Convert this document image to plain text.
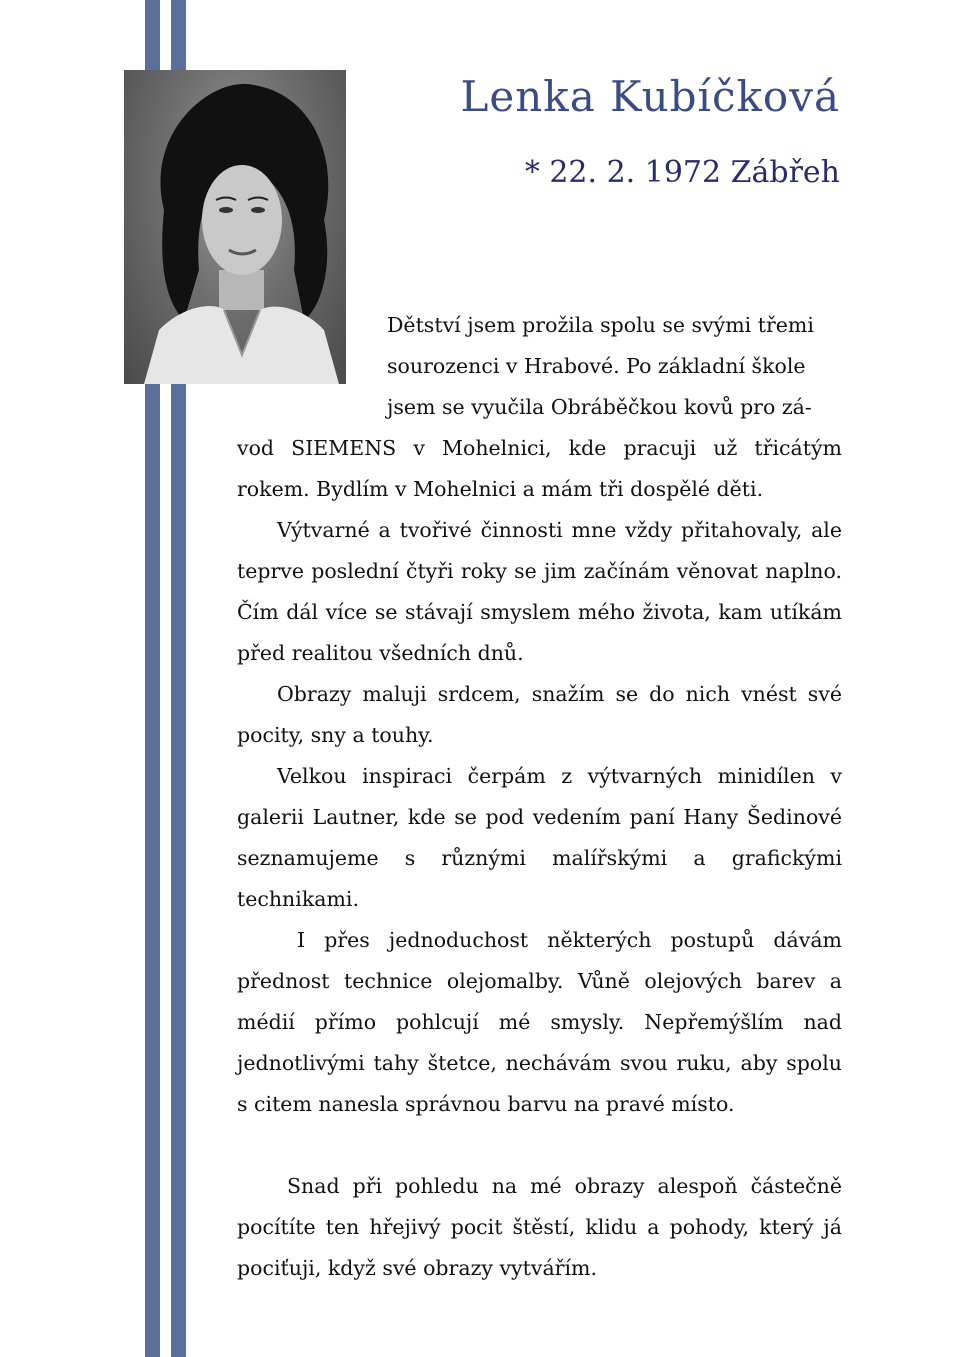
Lenka Kubíčková
* 22. 2. 1972 Zábřeh
Dětství jsem prožila spolu se svými třemi
sourozenci v Hrabové. Po základní škole
jsem se vyučila Obráběčkou kovů pro zá-

vod SIEMENS v Mohelnici, kde pracuji už třicátým rokem. Bydlím v Mohelnici a mám tři dospělé děti.

Výtvarné a tvořivé činnosti mne vždy přitahovaly, ale teprve poslední čtyři roky se jim začínám věnovat naplno. Čím dál více se stávají smyslem mého života, kam utíkám před realitou všedních dnů.

Obrazy maluji srdcem, snažím se do nich vnést své pocity, sny a touhy.

Velkou inspiraci čerpám z výtvarných minidílen v galerii Lautner, kde se pod vedením paní Hany Šedinové seznamujeme s různými malířskými a grafickými technikami.

I přes jednoduchost některých postupů dávám přednost technice olejomalby. Vůně olejových barev a médií přímo pohlcují mé smysly. Nepřemýšlím nad jednotlivými tahy štetce, nechávám svou ruku, aby spolu s citem nanesla správnou barvu na pravé místo.

Snad při pohledu na mé obrazy alespoň částečně pocítíte ten hřejivý pocit štěstí, klidu a pohody, který já pociťuji, když své obrazy vytvářím.
